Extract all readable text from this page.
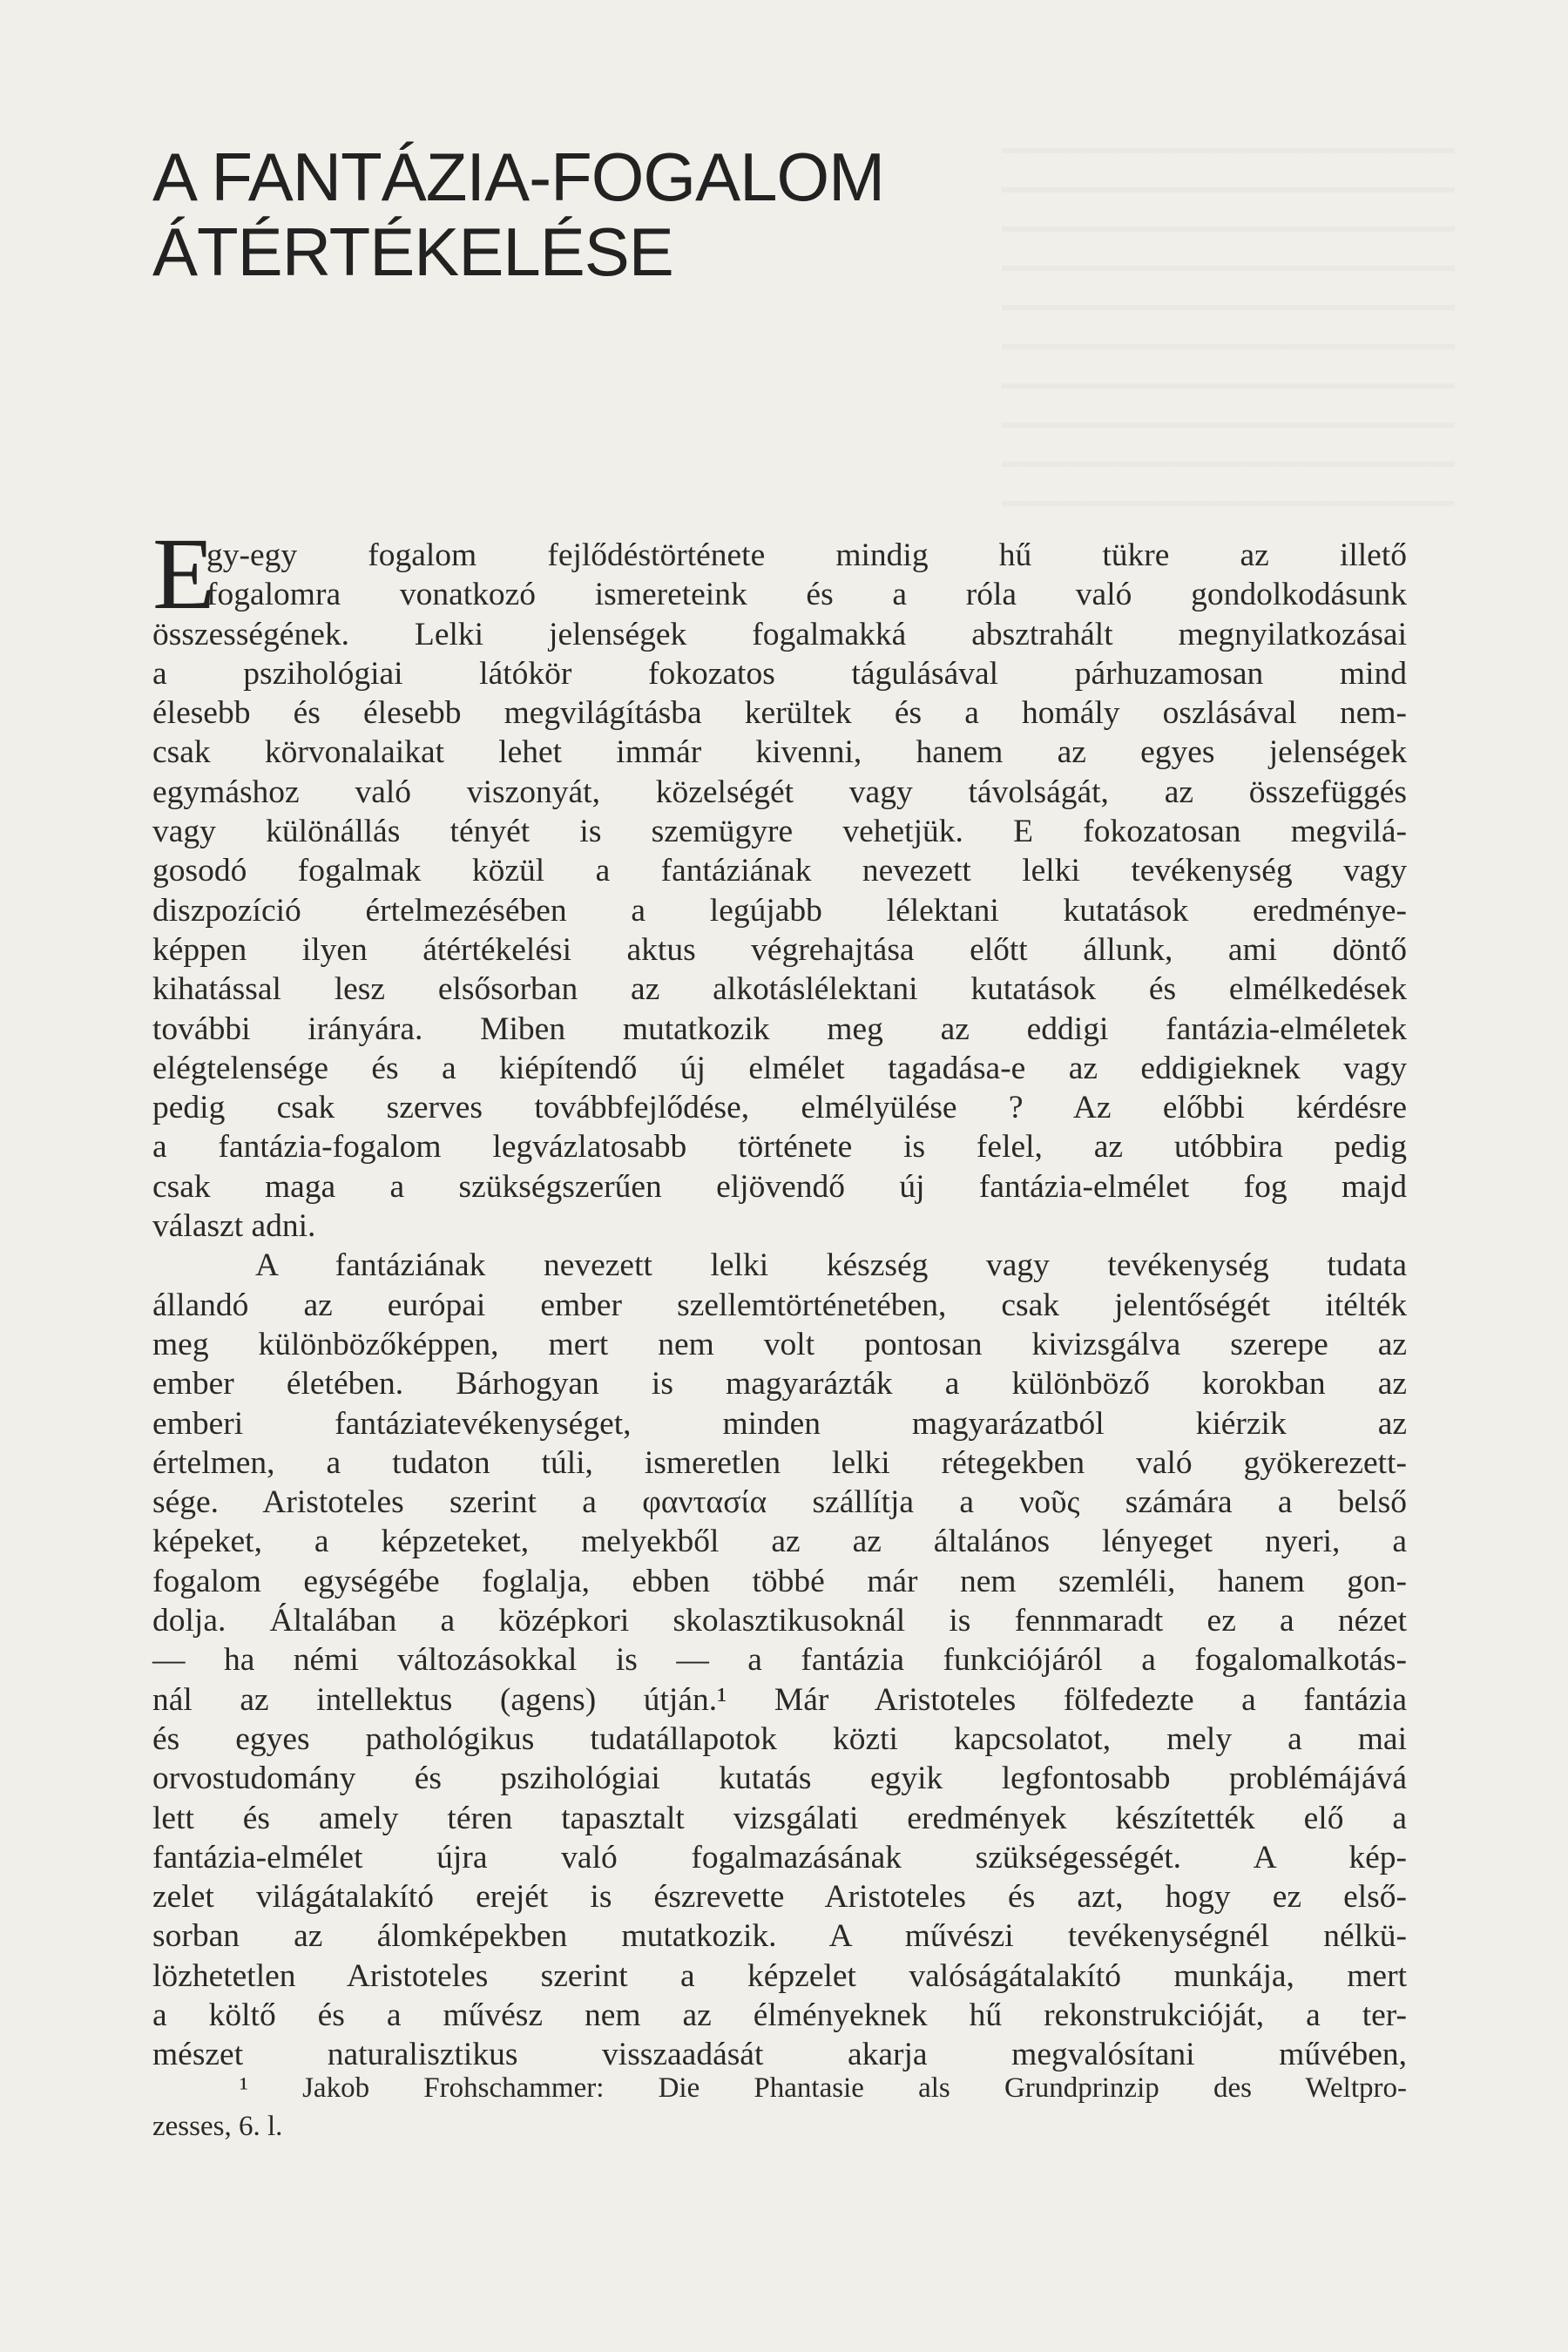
A FANTÁZIA-FOGALOM
ÁTÉRTÉKELÉSE
E
gy-egy fogalom fejlődéstörténete mindig hű tükre az illető
fogalomra vonatkozó ismereteink és a róla való gondolkodásunk
összességének. Lelki jelenségek fogalmakká absztrahált megnyilatkozásai
a pszihológiai látókör fokozatos tágulásával párhuzamosan mind
élesebb és élesebb megvilágításba kerültek és a homály oszlásával nem-
csak körvonalaikat lehet immár kivenni, hanem az egyes jelenségek
egymáshoz való viszonyát, közelségét vagy távolságát, az összefüggés
vagy különállás tényét is szemügyre vehetjük. E fokozatosan megvilá-
gosodó fogalmak közül a fantáziának nevezett lelki tevékenység vagy
diszpozíció értelmezésében a legújabb lélektani kutatások eredménye-
képpen ilyen átértékelési aktus végrehajtása előtt állunk, ami döntő
kihatással lesz elsősorban az alkotáslélektani kutatások és elmélkedések
további irányára. Miben mutatkozik meg az eddigi fantázia-elméletek
elégtelensége és a kiépítendő új elmélet tagadása-e az eddigieknek vagy
pedig csak szerves továbbfejlődése, elmélyülése ? Az előbbi kérdésre
a fantázia-fogalom legvázlatosabb története is felel, az utóbbira pedig
csak maga a szükségszerűen eljövendő új fantázia-elmélet fog majd
választ adni.
A fantáziának nevezett lelki készség vagy tevékenység tudata
állandó az európai ember szellemtörténetében, csak jelentőségét itélték
meg különbözőképpen, mert nem volt pontosan kivizsgálva szerepe az
ember életében. Bárhogyan is magyarázták a különböző korokban az
emberi fantáziatevékenységet, minden magyarázatból kiérzik az
értelmen, a tudaton túli, ismeretlen lelki rétegekben való gyökerezett-
sége. Aristoteles szerint a φαντασία szállítja a νοῦς számára a belső
képeket, a képzeteket, melyekből az az általános lényeget nyeri, a
fogalom egységébe foglalja, ebben többé már nem szemléli, hanem gon-
dolja. Általában a középkori skolasztikusoknál is fennmaradt ez a nézet
— ha némi változásokkal is — a fantázia funkciójáról a fogalomalkotás-
nál az intellektus (agens) útján.¹ Már Aristoteles fölfedezte a fantázia
és egyes pathológikus tudatállapotok közti kapcsolatot, mely a mai
orvostudomány és pszihológiai kutatás egyik legfontosabb problémájává
lett és amely téren tapasztalt vizsgálati eredmények készítették elő a
fantázia-elmélet újra való fogalmazásának szükségességét. A kép-
zelet világátalakító erejét is észrevette Aristoteles és azt, hogy ez első-
sorban az álomképekben mutatkozik. A művészi tevékenységnél nélkü-
lözhetetlen Aristoteles szerint a képzelet valóságátalakító munkája, mert
a költő és a művész nem az élményeknek hű rekonstrukcióját, a ter-
mészet naturalisztikus visszaadását akarja megvalósítani művében,
¹ Jakob Frohschammer: Die Phantasie als Grundprinzip des Weltpro-
zesses, 6. l.
